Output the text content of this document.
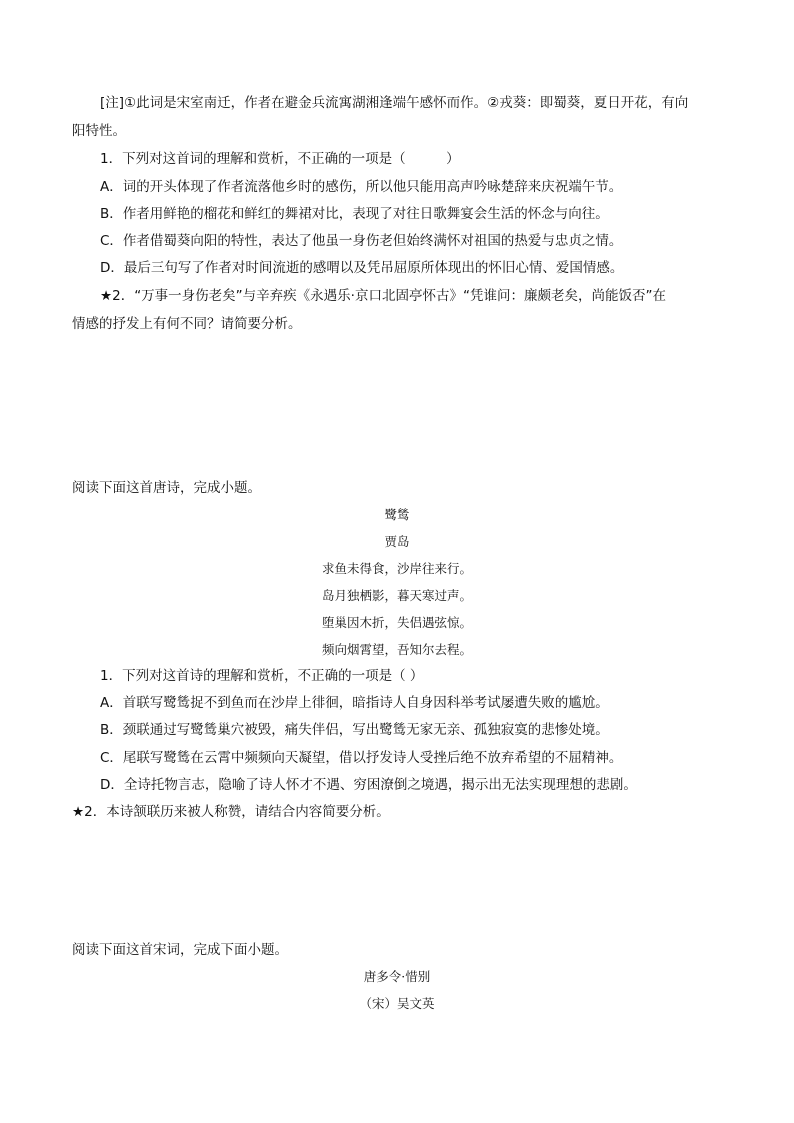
[注]①此词是宋室南迁，作者在避金兵流寓湖湘逢端午感怀而作。②戎葵：即蜀葵，夏日开花，有向
阳特性。
1．下列对这首词的理解和赏析，不正确的一项是（　　　）
A．词的开头体现了作者流落他乡时的感伤，所以他只能用高声吟咏楚辞来庆祝端午节。
B．作者用鲜艳的榴花和鲜红的舞裙对比，表现了对往日歌舞宴会生活的怀念与向往。
C．作者借蜀葵向阳的特性，表达了他虽一身伤老但始终满怀对祖国的热爱与忠贞之情。
D．最后三句写了作者对时间流逝的感喟以及凭吊屈原所体现出的怀旧心情、爱国情感。
★2．“万事一身伤老矣”与辛弃疾《永遇乐·京口北固亭怀古》“凭谁问：廉颇老矣，尚能饭否”在
情感的抒发上有何不同？请简要分析。
阅读下面这首唐诗，完成小题。
鹭鸶
贾岛
求鱼未得食，沙岸往来行。
岛月独栖影，暮天寒过声。
堕巢因木折，失侣遇弦惊。
频向烟霄望，吾知尔去程。
1．下列对这首诗的理解和赏析，不正确的一项是（ ）
A．首联写鹭鸶捉不到鱼而在沙岸上徘徊，暗指诗人自身因科举考试屡遭失败的尴尬。
B．颈联通过写鹭鸶巢穴被毁，痛失伴侣，写出鹭鸶无家无亲、孤独寂寞的悲惨处境。
C．尾联写鹭鸶在云霄中频频向天凝望，借以抒发诗人受挫后绝不放弃希望的不屈精神。
D．全诗托物言志，隐喻了诗人怀才不遇、穷困潦倒之境遇，揭示出无法实现理想的悲剧。
★2．本诗颔联历来被人称赞，请结合内容简要分析。
阅读下面这首宋词，完成下面小题。
唐多令·惜别
（宋）吴文英
